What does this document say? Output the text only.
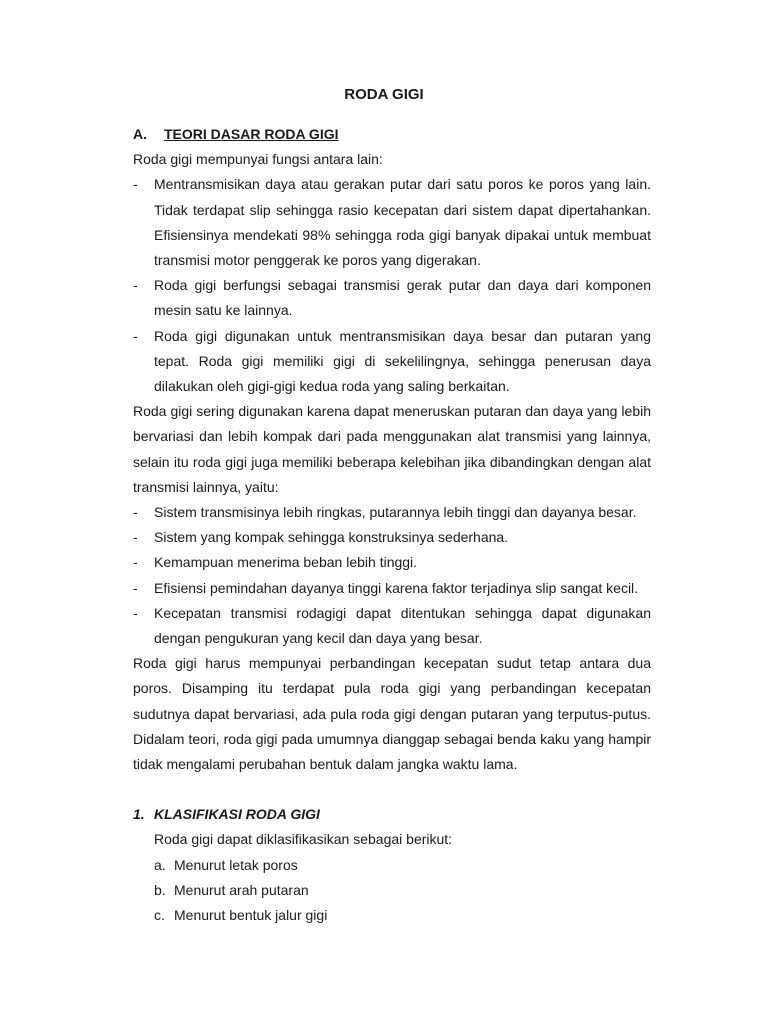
RODA GIGI
A.	TEORI DASAR RODA GIGI
Roda gigi mempunyai fungsi antara lain:
- Mentransmisikan daya atau gerakan putar dari satu poros ke poros yang lain. Tidak terdapat slip sehingga rasio kecepatan dari sistem dapat dipertahankan. Efisiensinya mendekati 98% sehingga roda gigi banyak dipakai untuk membuat transmisi motor penggerak ke poros yang digerakan.
- Roda gigi berfungsi sebagai transmisi gerak putar dan daya dari komponen mesin satu ke lainnya.
- Roda gigi digunakan untuk mentransmisikan daya besar dan putaran yang tepat. Roda gigi memiliki gigi di sekelilingnya, sehingga penerusan daya dilakukan oleh gigi-gigi kedua roda yang saling berkaitan.
Roda gigi sering digunakan karena dapat meneruskan putaran dan daya yang lebih bervariasi dan lebih kompak dari pada menggunakan alat transmisi yang lainnya, selain itu roda gigi juga memiliki beberapa kelebihan jika dibandingkan dengan alat transmisi lainnya, yaitu:
- Sistem transmisinya lebih ringkas, putarannya lebih tinggi dan dayanya besar.
- Sistem yang kompak sehingga konstruksinya sederhana.
- Kemampuan menerima beban lebih tinggi.
- Efisiensi pemindahan dayanya tinggi karena faktor terjadinya slip sangat kecil.
- Kecepatan transmisi rodagigi dapat ditentukan sehingga dapat digunakan dengan pengukuran yang kecil dan daya yang besar.
Roda gigi harus mempunyai perbandingan kecepatan sudut tetap antara dua poros. Disamping itu terdapat pula roda gigi yang perbandingan kecepatan sudutnya dapat bervariasi, ada pula roda gigi dengan putaran yang terputus-putus. Didalam teori, roda gigi pada umumnya dianggap sebagai benda kaku yang hampir tidak mengalami perubahan bentuk dalam jangka waktu lama.
1. KLASIFIKASI RODA GIGI
Roda gigi dapat diklasifikasikan sebagai berikut:
a. Menurut letak poros
b. Menurut arah putaran
c. Menurut bentuk jalur gigi
